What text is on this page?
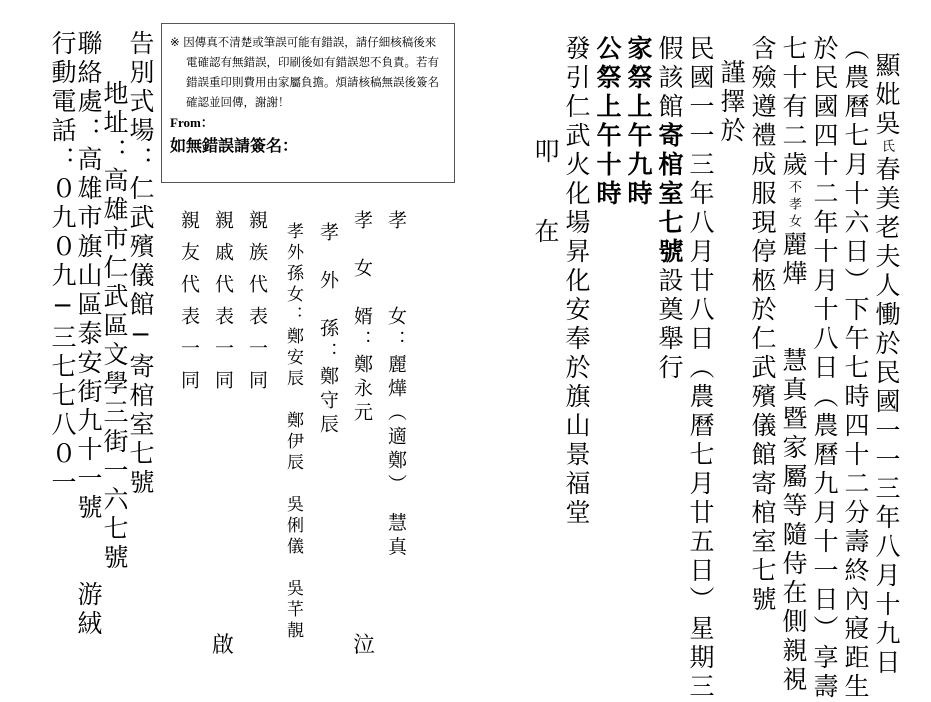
顯妣吳氏春美老夫人慟於民國一一三年八月十九日
（農曆七月十六日）下午七時四十二分壽終內寢距生
於民國四十二年十月十八日（農曆九月十一日）享壽
七十有二歲不孝女麗燁　　慧真暨家屬等隨侍在側親視
含殮遵禮成服現停柩於仁武殯儀館寄棺室七號
謹擇於
民國一一三年八月廿八日（農曆七月廿五日）星期三
假該館寄棺室七號設奠舉行
家祭上午九時
公祭上午十時
發引仁武火化場昇化安奉於旗山景福堂
叩
在
孝　　　女：麗燁（適鄭）　慧真
孝　女　婿：鄭永元
孝　外　孫：鄭守辰
孝外孫女：鄭安辰　鄭伊辰　吳俐儀　吳芊靚
親族代表一同
親戚代表一同
親友代表一同
※ 因傳真不清楚或筆誤可能有錯誤，請仔細核稿後來電確認有無錯誤，印刷後如有錯誤恕不負責。若有錯誤重印則費用由家屬負擔。煩請核稿無誤後簽名確認並回傳，謝謝！
From：
如無錯誤請簽名：
告別式場：仁武殯儀館─寄棺室七號
地址：高雄市仁武區文學三街一六七號
聯絡處：高雄市旗山區泰安街九十一號　　游絨
行動電話：０九０九─三七七八０一
啟	泣
